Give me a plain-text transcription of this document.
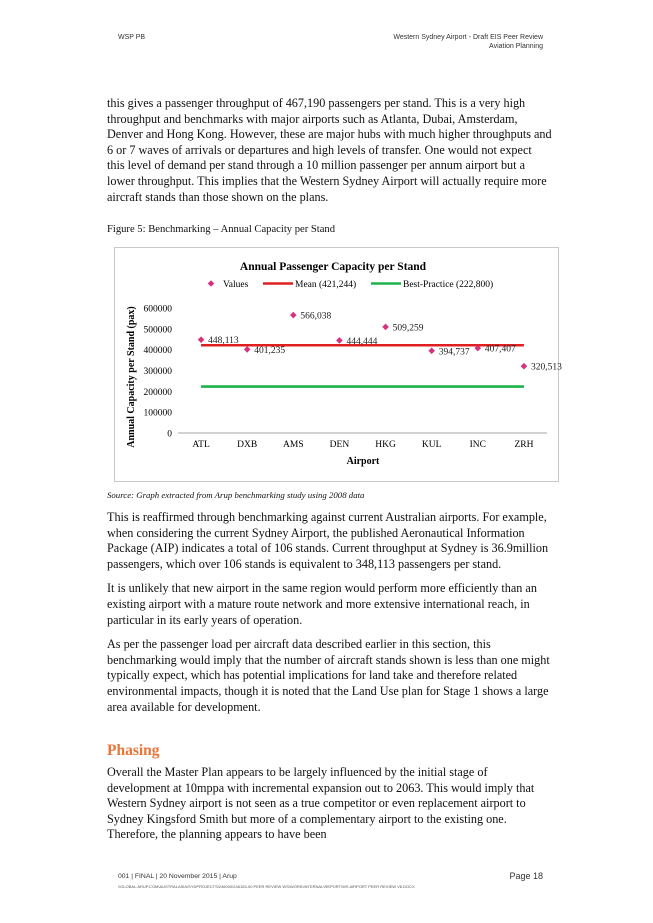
WSP PB	Western Sydney Airport - Draft EIS Peer Review
Aviation Planning

this gives a passenger throughput of 467,190 passengers per stand. This is a very high throughput and benchmarks with major airports such as Atlanta, Dubai, Amsterdam, Denver and Hong Kong. However, these are major hubs with much higher throughputs and 6 or 7 waves of arrivals or departures and high levels of transfer. One would not expect this level of demand per stand through a 10 million passenger per annum airport but a lower throughput. This implies that the Western Sydney Airport will actually require more aircraft stands than those shown on the plans.

Figure 5: Benchmarking – Annual Capacity per Stand
Annual Passenger Capacity per Stand
Values	Mean (421,244)	Best-Practice (222,800)
0
100000
200000
300000
400000
500000
600000
ATL	DXB	AMS	DEN	HKG	KUL	INC	ZRH
448,113
401,235
566,038
444,444
509,259
394,737 407,407
320,513
Airport
Annual Capacity per Stand (pax)
Source: Graph extracted from Arup benchmarking study using 2008 data

This is reaffirmed through benchmarking against current Australian airports. For example, when considering the current Sydney Airport, the published Aeronautical Information Package (AIP) indicates a total of 106 stands. Current throughput at Sydney is 36.9million passengers, which over 106 stands is equivalent to 348,113 passengers per stand.

It is unlikely that new airport in the same region would perform more efficiently than an existing airport with a mature route network and more extensive international reach, in particular in its early years of operation.

As per the passenger load per aircraft data described earlier in this section, this benchmarking would imply that the number of aircraft stands shown is less than one might typically expect, which has potential implications for land take and therefore related environmental impacts, though it is noted that the Land Use plan for Stage 1 shows a large area available for development.

Phasing

Overall the Master Plan appears to be largely influenced by the initial stage of development at 10mppa with incremental expansion out to 2063. This would imply that Western Sydney airport is not seen as a true competitor or even replacement airport to Sydney Kingsford Smith but more of a complementary airport to the existing one. Therefore, the planning appears to have been

001 | FINAL | 20 November 2015 | Arup	Page 18
\\GLOBAL.ARUP.COM\AUSTRALASIA\SYDPROJECTS\246000\246163-00 PEER REVIEW WS\WORK\INTERNAL\REPORT\WS AIRPORT PEER REVIEW V8.DOCX
